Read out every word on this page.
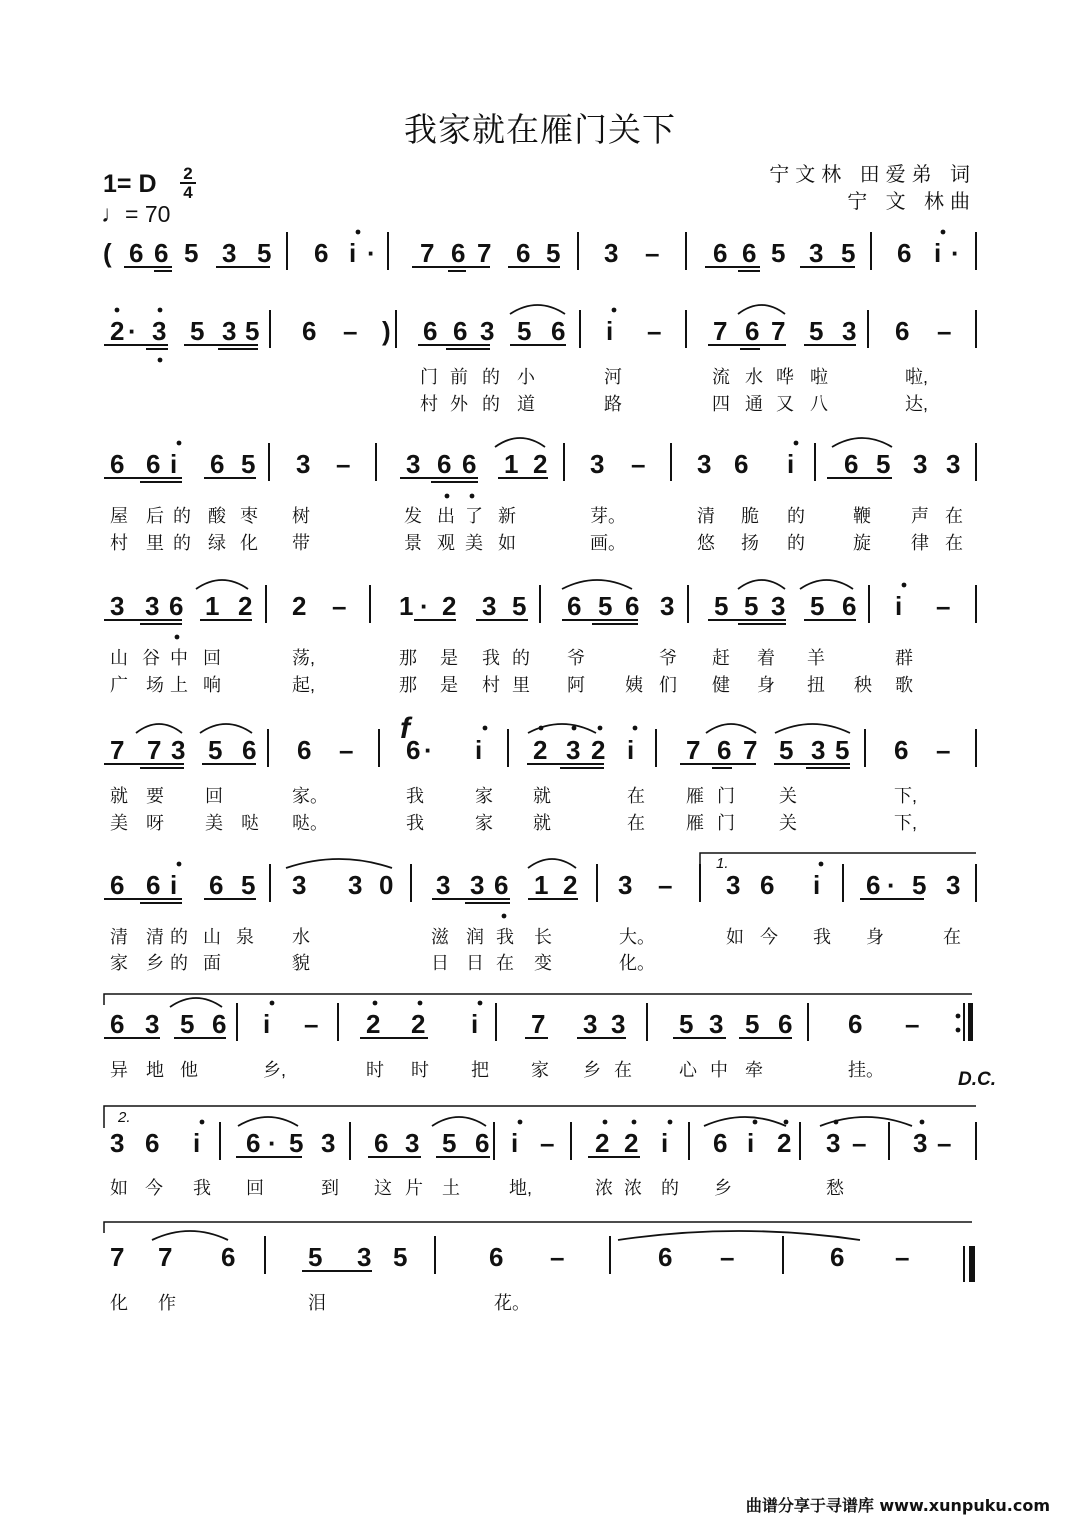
我家就在雁门关下
1= D 2
4
♩= 70
宁文林 田爱弟 词
宁 文 林曲
f
1.
2.
D.C.
( 6 6 5 3 5 6 i · 7 6 7 6 5 3 – 6 6 5 3 5 6 i ·
2 · 3 5 3 5 6 – ) 6 6 3 5 6 i – 7 6 7 5 3 6 –
门 前 的 小	河	流 水 哗 啦	啦,
村 外 的 道	路	四 通 又 八	达,
6 6 i 6 5 3 – 3 6 6 1 2 3 – 3 6 i 6 5 3 3
屋 后 的 酸 枣 树	发 出 了 新	芽。	清 脆 的	鞭 声 在
村 里 的 绿 化 带	景 观 美 如	画。	悠 扬 的	旋 律 在
3 3 6 1 2 2 – 1 · 2 3 5 6 5 6 3 5 5 3 5 6 i –
山 谷 中 回	荡,	那 是 我 的 爷	爷 赶 着 羊	群
广 场 上 响	起,	那 是 村 里 阿 姨 们 健 身 扭 秧 歌
7 7 3 5 6 6 – 6 · i 2 3 2 i 7 6 7 5 3 5 6 –
就 要 回	家。	我	家 就	在 雁 门 关	下,
美 呀 美 哒 哒。	我	家 就	在 雁 门 关	下,
6 6 i 6 5 3 3 0 3 3 6 1 2 3 – 3 6 i 6 · 5 3
清 清 的 山 泉 水	滋 润 我 长	大。	如 今 我 身	在
家 乡 的 面	貌	日 日 在 变	化。
6 3 5 6 i – 2 2 i 7 3 3 5 3 5 6 6 –
异 地 他	乡,	时 时 把 家 乡 在	心 中 牵	挂。
3 6 i 6 · 5 3 6 3 5 6 i – 2 2 i 6 i 2 3 – 3 –
如 今 我 回	到 这 片 土	地,	浓 浓 的 乡	愁
7 7 6	5 3 5	6 –	6 –	6 –
化 作	泪	花。
曲谱分享于寻谱库 www.xunpuku.com
